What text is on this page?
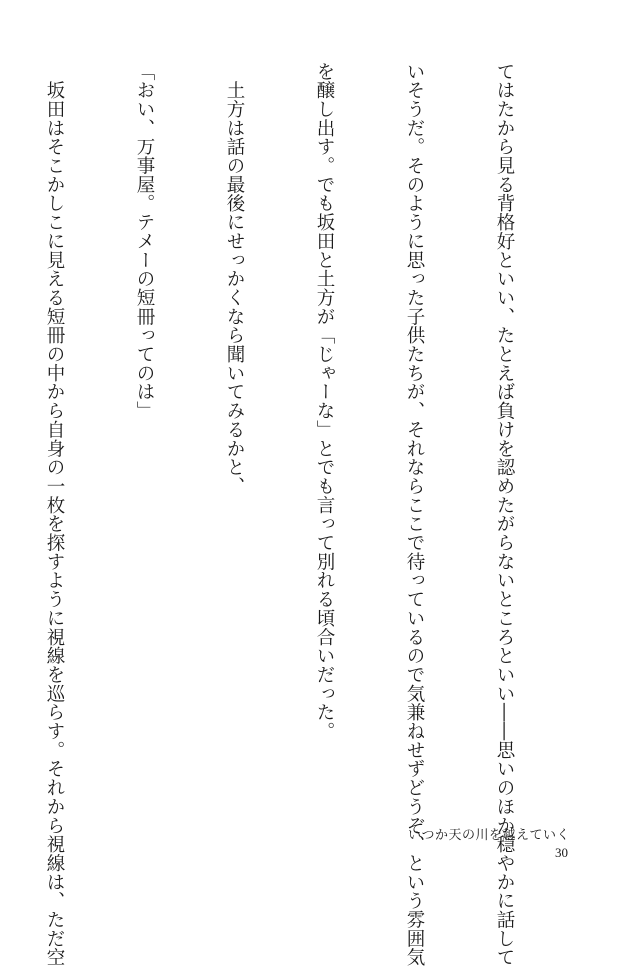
てはたから見る背格好といい、たとえば負けを認めたがらないところといい――思いのほか穏やかに話して

いそうだ。そのように思った子供たちが、それならここで待っているので気兼ねせずどうぞ、という雰囲気

を醸し出す。でも坂田と土方が「じゃーな」とでも言って別れる頃合いだった。

　土方は話の最後にせっかくなら聞いてみるかと、

「おい、万事屋。テメーの短冊ってのは」

　坂田はそこかしこに見える短冊の中から自身の一枚を探すように視線を巡らす。それから視線は、ただ空

	いつか天の川を越えていく
30
